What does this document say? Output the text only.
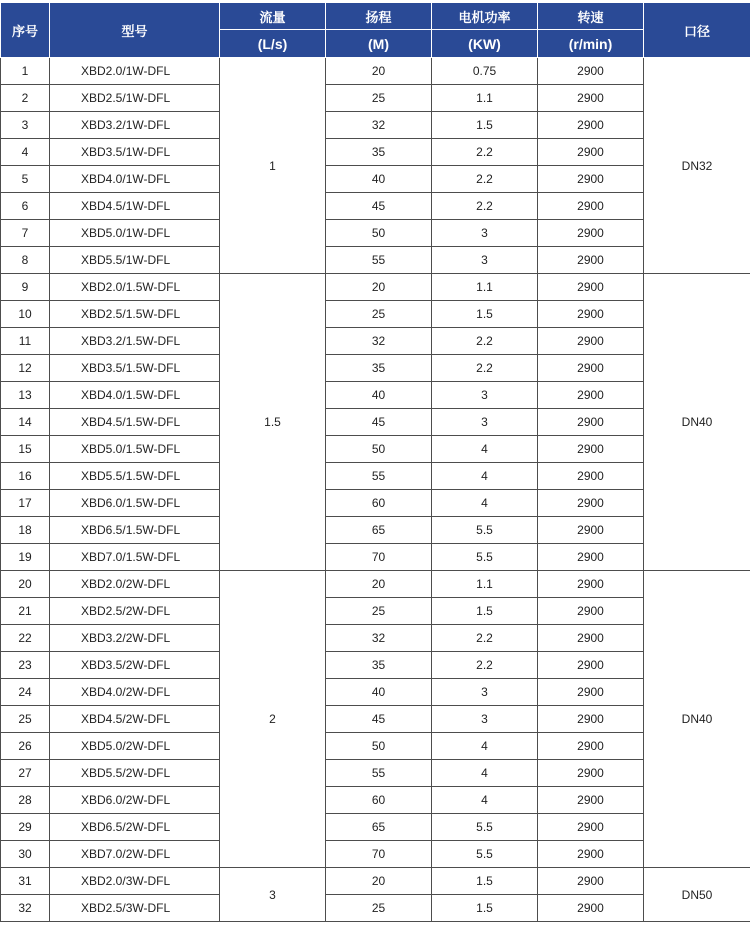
序号	型号	流量	扬程	电机功率	转速	口径
		(L/s)	(M)	(KW)	(r/min)	
1	XBD2.0/1W-DFL	1	20	0.75	2900	DN32
2	XBD2.5/1W-DFL		25	1.1	2900	
3	XBD3.2/1W-DFL		32	1.5	2900	
4	XBD3.5/1W-DFL		35	2.2	2900	
5	XBD4.0/1W-DFL		40	2.2	2900	
6	XBD4.5/1W-DFL		45	2.2	2900	
7	XBD5.0/1W-DFL		50	3	2900	
8	XBD5.5/1W-DFL		55	3	2900	
9	XBD2.0/1.5W-DFL	1.5	20	1.1	2900	DN40
10	XBD2.5/1.5W-DFL		25	1.5	2900	
11	XBD3.2/1.5W-DFL		32	2.2	2900	
12	XBD3.5/1.5W-DFL		35	2.2	2900	
13	XBD4.0/1.5W-DFL		40	3	2900	
14	XBD4.5/1.5W-DFL		45	3	2900	
15	XBD5.0/1.5W-DFL		50	4	2900	
16	XBD5.5/1.5W-DFL		55	4	2900	
17	XBD6.0/1.5W-DFL		60	4	2900	
18	XBD6.5/1.5W-DFL		65	5.5	2900	
19	XBD7.0/1.5W-DFL		70	5.5	2900	
20	XBD2.0/2W-DFL	2	20	1.1	2900	DN40
21	XBD2.5/2W-DFL		25	1.5	2900	
22	XBD3.2/2W-DFL		32	2.2	2900	
23	XBD3.5/2W-DFL		35	2.2	2900	
24	XBD4.0/2W-DFL		40	3	2900	
25	XBD4.5/2W-DFL		45	3	2900	
26	XBD5.0/2W-DFL		50	4	2900	
27	XBD5.5/2W-DFL		55	4	2900	
28	XBD6.0/2W-DFL		60	4	2900	
29	XBD6.5/2W-DFL		65	5.5	2900	
30	XBD7.0/2W-DFL		70	5.5	2900	
31	XBD2.0/3W-DFL	3	20	1.5	2900	DN50
32	XBD2.5/3W-DFL		25	1.5	2900	
